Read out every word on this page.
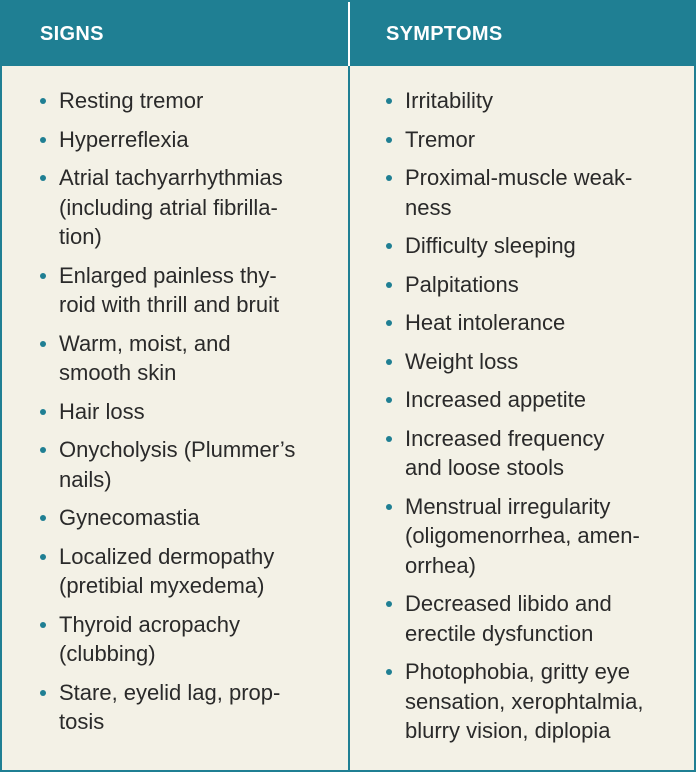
SIGNS	SYMPTOMS
Resting tremor
Hyperreflexia
Atrial tachyarrhythmias
(including atrial fibrilla-
tion)
Enlarged painless thy-
roid with thrill and bruit
Warm, moist, and
smooth skin
Hair loss
Onycholysis (Plummer’s
nails)
Gynecomastia
Localized dermopathy
(pretibial myxedema)
Thyroid acropachy
(clubbing)
Stare, eyelid lag, prop-
tosis
Irritability
Tremor
Proximal-muscle weak-
ness
Difficulty sleeping
Palpitations
Heat intolerance
Weight loss
Increased appetite
Increased frequency
and loose stools
Menstrual irregularity
(oligomenorrhea, amen-
orrhea)
Decreased libido and
erectile dysfunction
Photophobia, gritty eye
sensation, xerophtalmia,
blurry vision, diplopia
